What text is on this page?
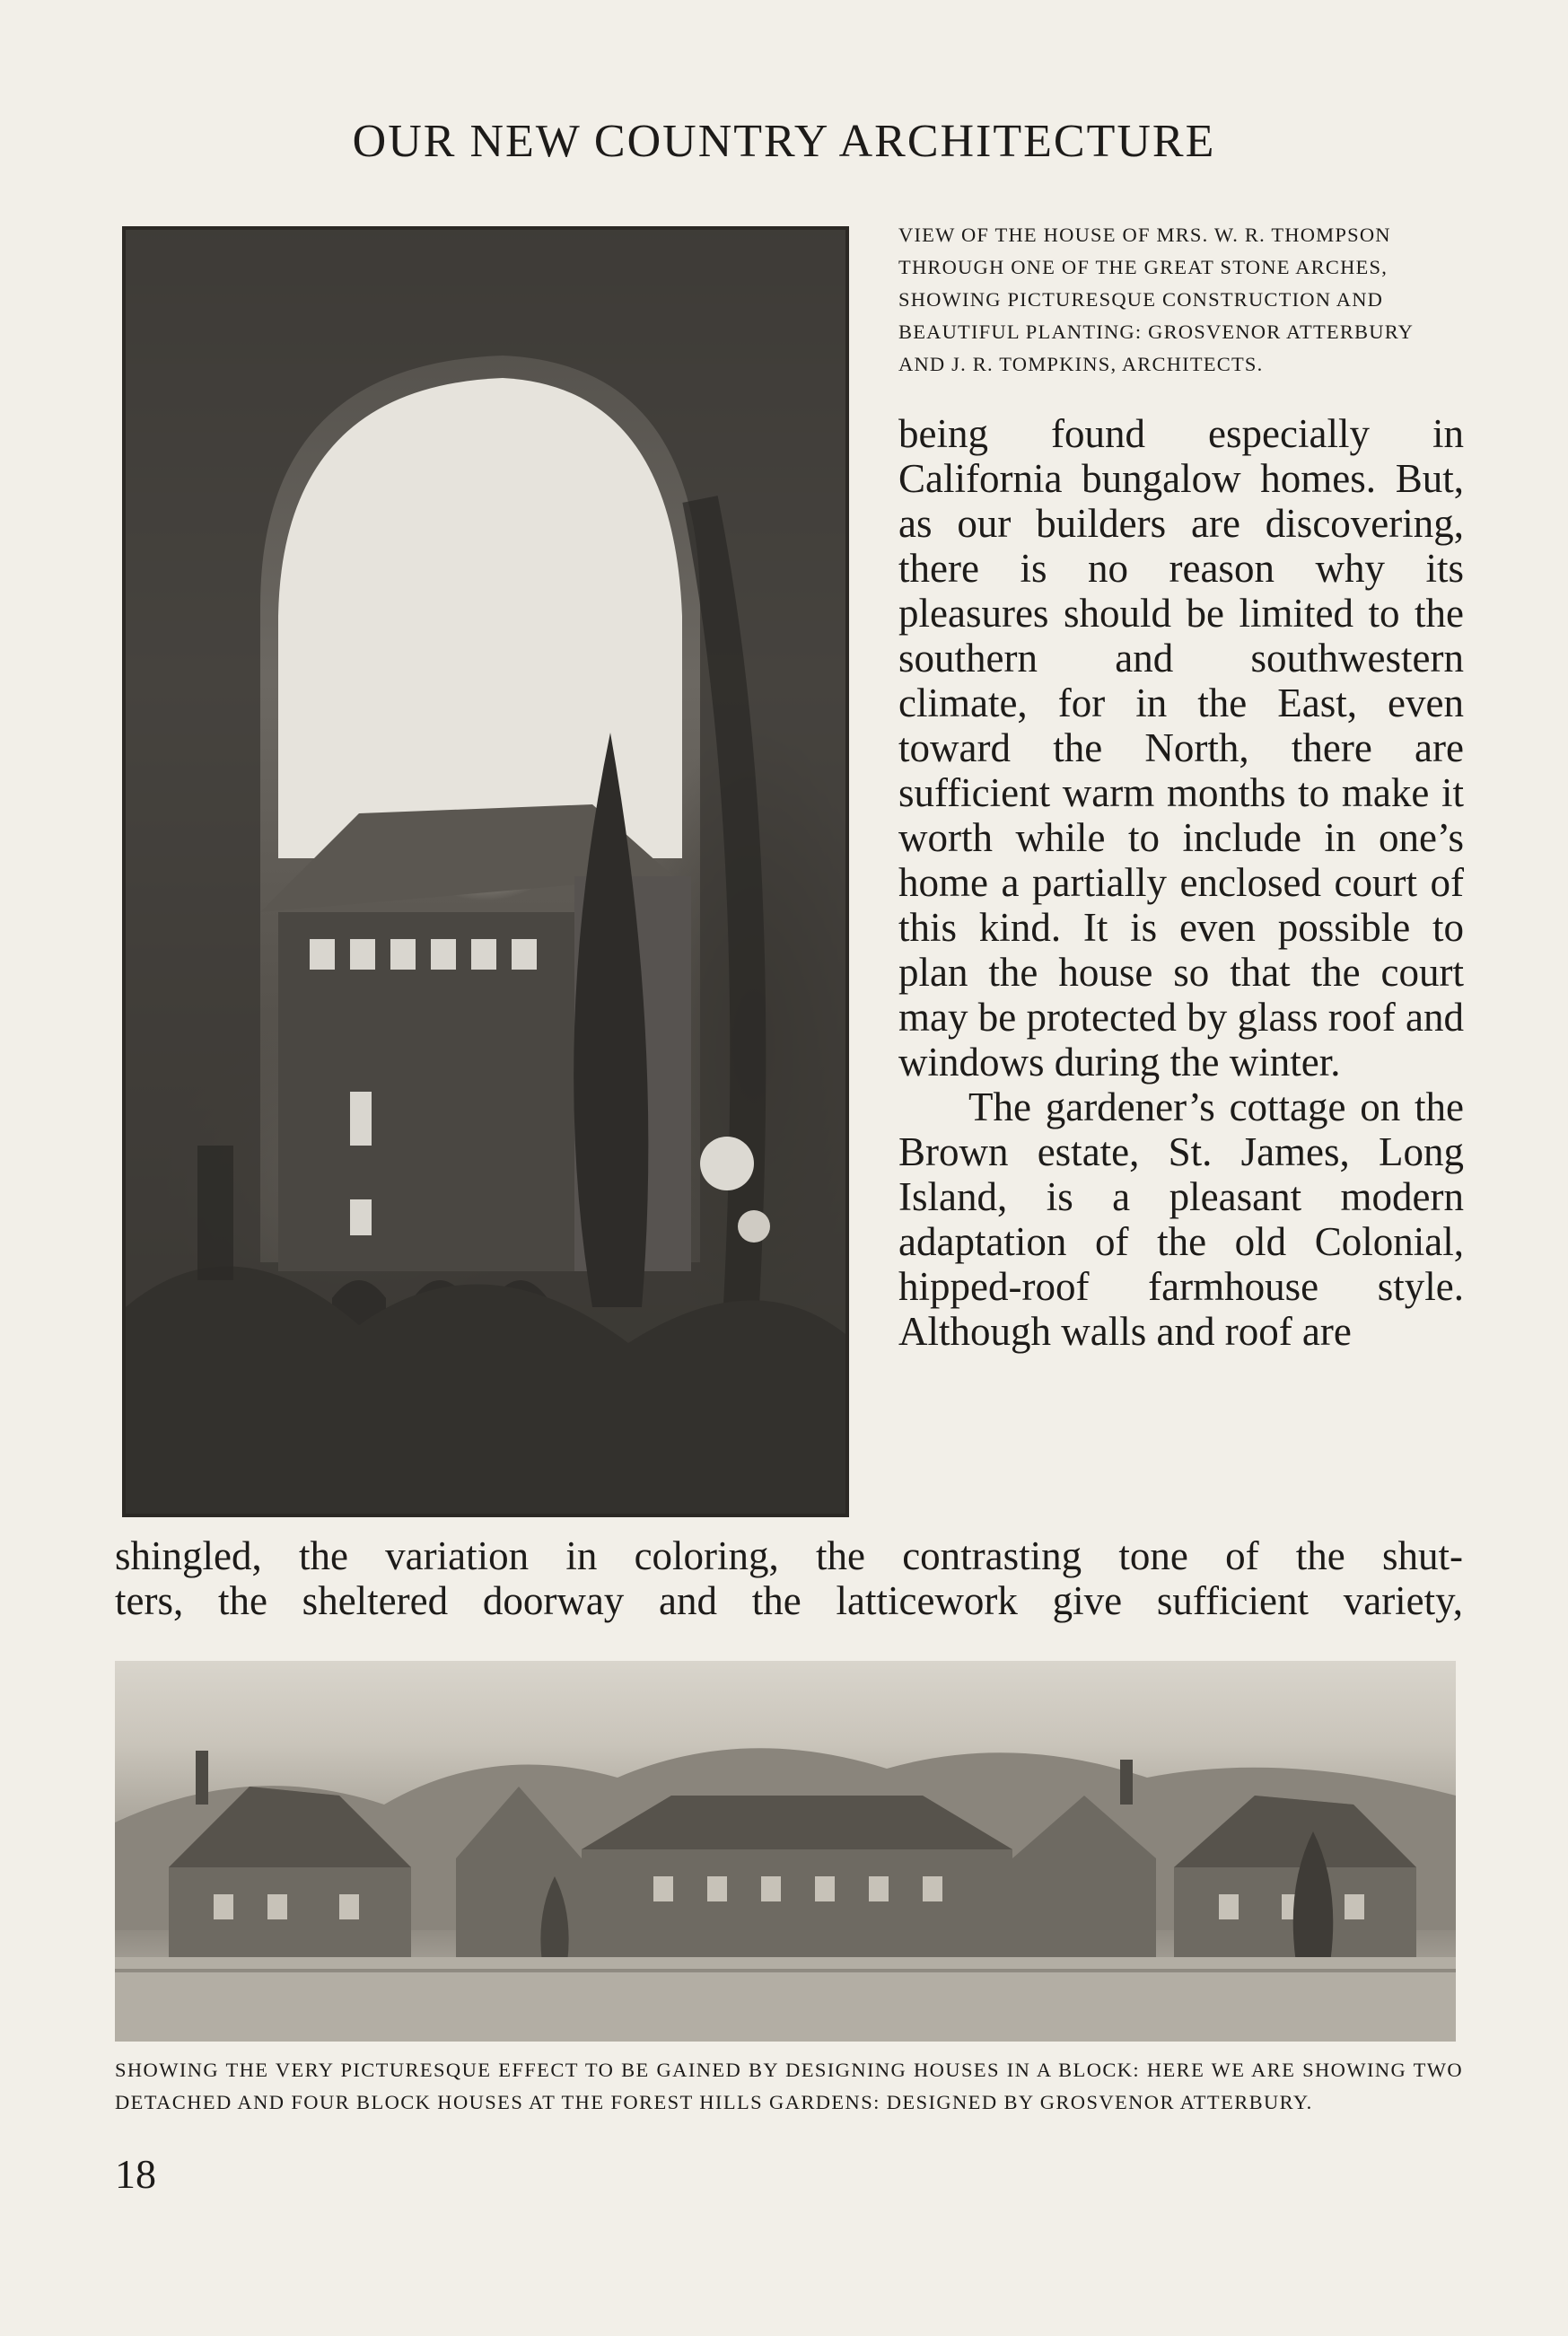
OUR NEW COUNTRY ARCHITECTURE

VIEW OF THE HOUSE OF MRS. W. R. THOMPSON THROUGH ONE OF THE GREAT STONE ARCHES, SHOWING PICTURESQUE CONSTRUCTION AND BEAUTIFUL PLANTING: GROSVENOR ATTERBURY AND J. R. TOMPKINS, ARCHITECTS.

being found especially in California bungalow homes. But, as our builders are discovering, there is no reason why its pleasures should be limited to the southern and southwestern climate, for in the East, even toward the North, there are sufficient warm months to make it worth while to include in one’s home a partially enclosed court of this kind. It is even possible to plan the house so that the court may be protected by glass roof and windows during the winter.

The gardener’s cottage on the Brown estate, St. James, Long Island, is a pleasant modern adaptation of the old Colonial, hipped-roof farmhouse style. Although walls and roof are

shingled, the variation in coloring, the contrasting tone of the shut-

ters, the sheltered doorway and the latticework give sufficient variety,

SHOWING THE VERY PICTURESQUE EFFECT TO BE GAINED BY DESIGNING HOUSES IN A BLOCK: HERE WE ARE SHOWING TWO DETACHED AND FOUR BLOCK HOUSES AT THE FOREST HILLS GARDENS: DESIGNED BY GROSVENOR ATTERBURY.

18
